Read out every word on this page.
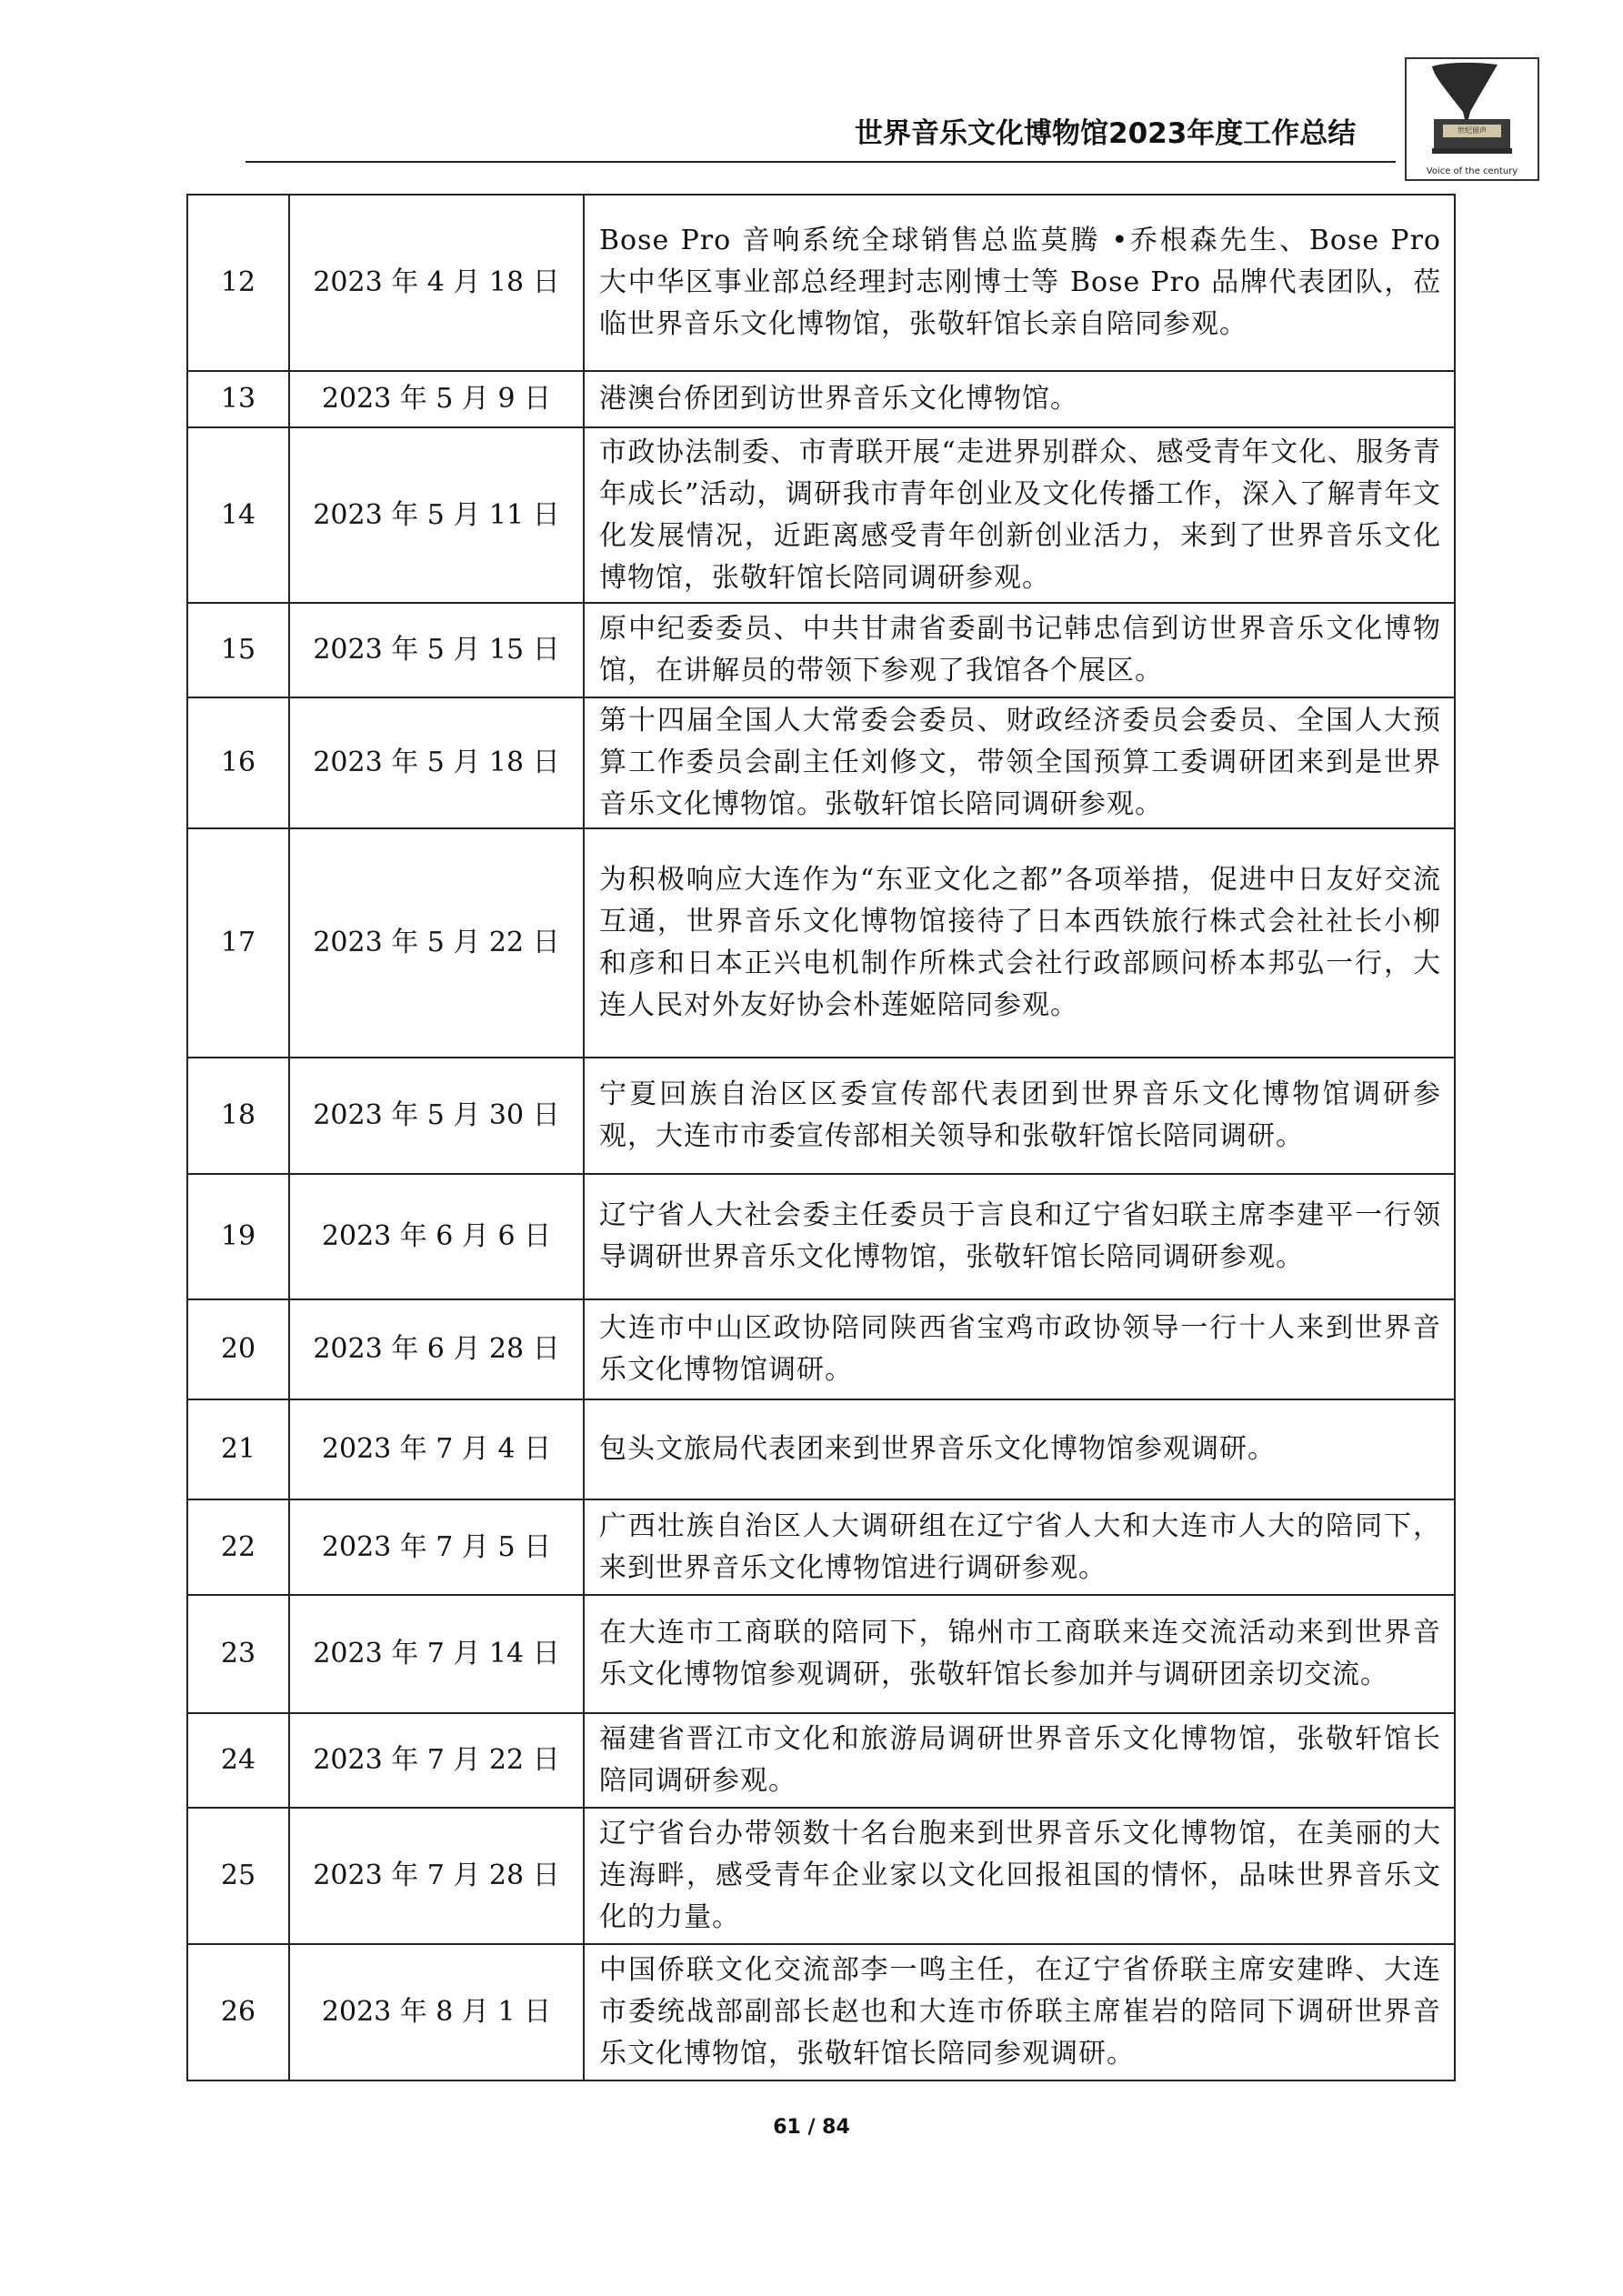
世界音乐文化博物馆2023年度工作总结	世纪留声
Voice of the century
12	2023 年 4 月 18 日	Bose Pro 音响系统全球销售总监莫腾 •乔根森先生、Bose Pro 大中华区事业部总经理封志刚博士等 Bose Pro 品牌代表团队，莅临世界音乐文化博物馆，张敬轩馆长亲自陪同参观。
13	2023 年 5 月 9 日	港澳台侨团到访世界音乐文化博物馆。
14	2023 年 5 月 11 日	市政协法制委、市青联开展“走进界别群众、感受青年文化、服务青年成长”活动，调研我市青年创业及文化传播工作，深入了解青年文化发展情况，近距离感受青年创新创业活力，来到了世界音乐文化博物馆，张敬轩馆长陪同调研参观。
15	2023 年 5 月 15 日	原中纪委委员、中共甘肃省委副书记韩忠信到访世界音乐文化博物馆，在讲解员的带领下参观了我馆各个展区。
16	2023 年 5 月 18 日	第十四届全国人大常委会委员、财政经济委员会委员、全国人大预算工作委员会副主任刘修文，带领全国预算工委调研团来到是世界音乐文化博物馆。张敬轩馆长陪同调研参观。
17	2023 年 5 月 22 日	为积极响应大连作为“东亚文化之都”各项举措，促进中日友好交流互通，世界音乐文化博物馆接待了日本西铁旅行株式会社社长小柳和彦和日本正兴电机制作所株式会社行政部顾问桥本邦弘一行，大连人民对外友好协会朴莲姬陪同参观。
18	2023 年 5 月 30 日	宁夏回族自治区区委宣传部代表团到世界音乐文化博物馆调研参观，大连市市委宣传部相关领导和张敬轩馆长陪同调研。
19	2023 年 6 月 6 日	辽宁省人大社会委主任委员于言良和辽宁省妇联主席李建平一行领导调研世界音乐文化博物馆，张敬轩馆长陪同调研参观。
20	2023 年 6 月 28 日	大连市中山区政协陪同陕西省宝鸡市政协领导一行十人来到世界音乐文化博物馆调研。
21	2023 年 7 月 4 日	包头文旅局代表团来到世界音乐文化博物馆参观调研。
22	2023 年 7 月 5 日	广西壮族自治区人大调研组在辽宁省人大和大连市人大的陪同下，来到世界音乐文化博物馆进行调研参观。
23	2023 年 7 月 14 日	在大连市工商联的陪同下，锦州市工商联来连交流活动来到世界音乐文化博物馆参观调研，张敬轩馆长参加并与调研团亲切交流。
24	2023 年 7 月 22 日	福建省晋江市文化和旅游局调研世界音乐文化博物馆，张敬轩馆长陪同调研参观。
25	2023 年 7 月 28 日	辽宁省台办带领数十名台胞来到世界音乐文化博物馆，在美丽的大连海畔，感受青年企业家以文化回报祖国的情怀，品味世界音乐文化的力量。
26	2023 年 8 月 1 日	中国侨联文化交流部李一鸣主任，在辽宁省侨联主席安建晔、大连市委统战部副部长赵也和大连市侨联主席崔岩的陪同下调研世界音乐文化博物馆，张敬轩馆长陪同参观调研。
61 / 84
